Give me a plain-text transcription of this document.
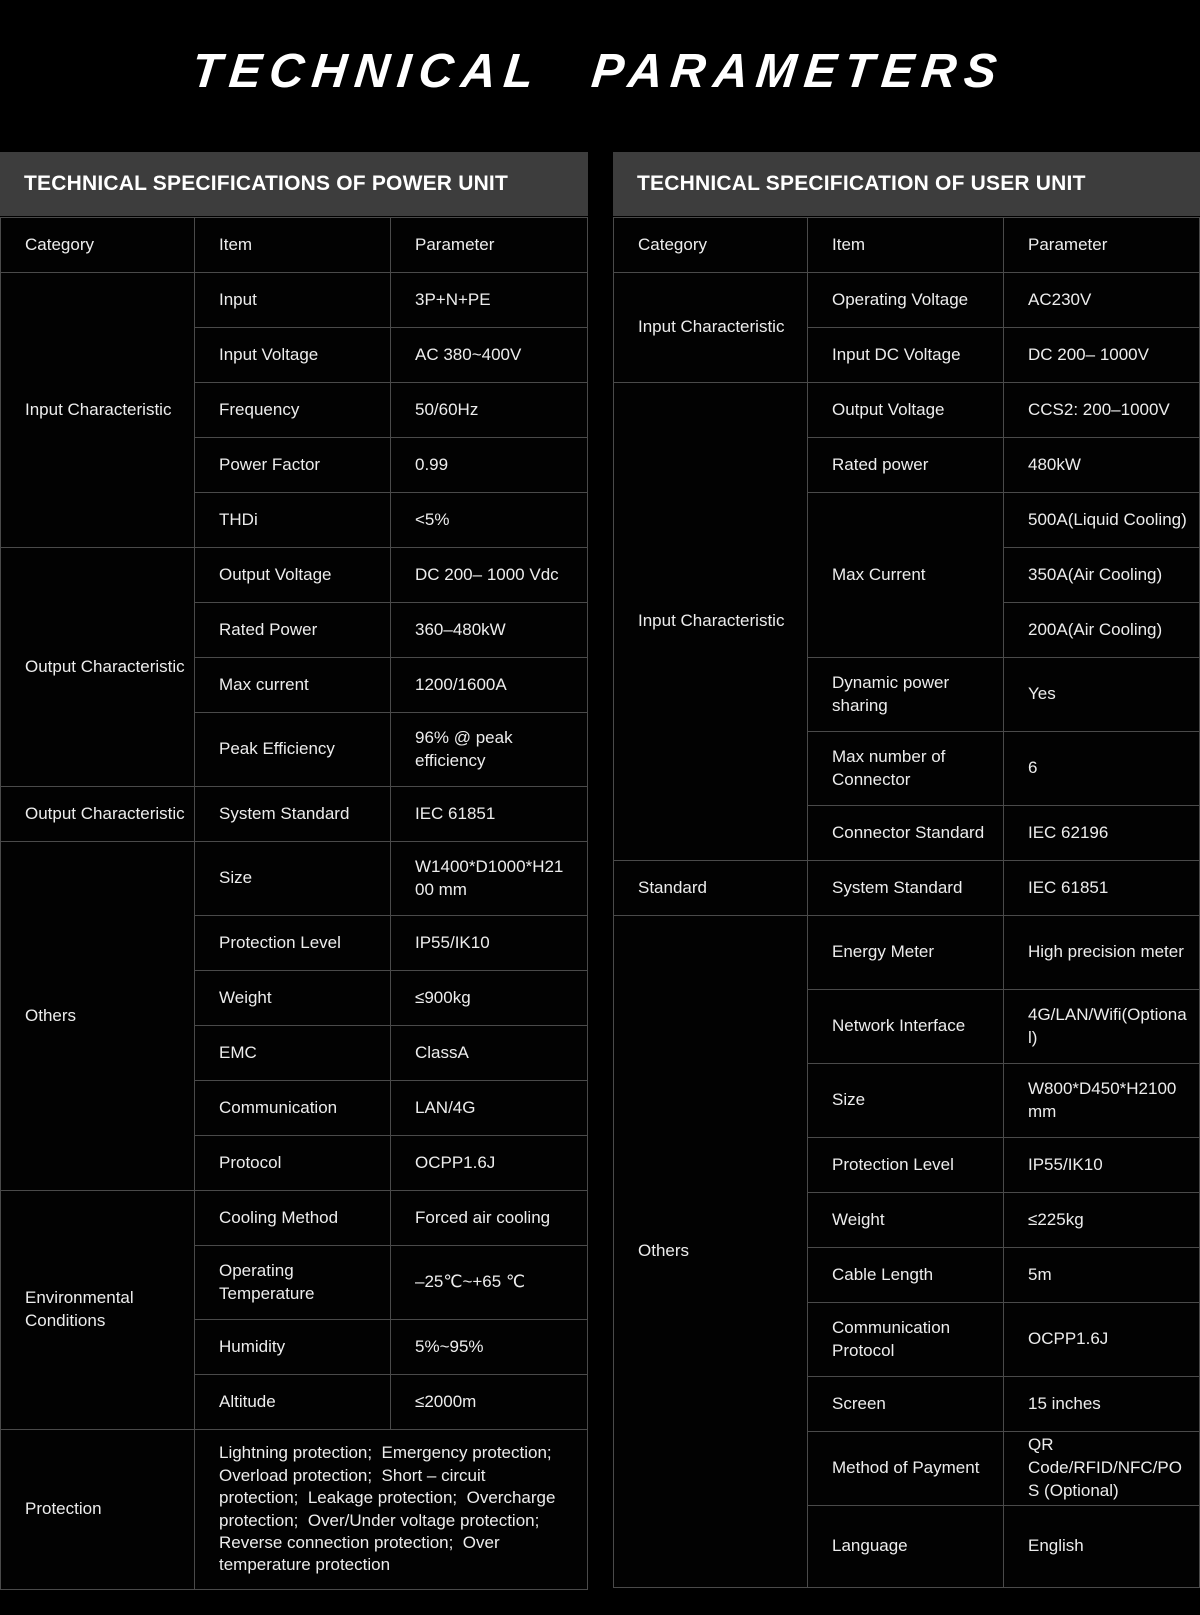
TECHNICAL PARAMETERS
TECHNICAL SPECIFICATIONS OF POWER UNIT
Category	Item	Parameter
Input Characteristic	Input	3P+N+PE
	Input Voltage	AC 380~400V
	Frequency	50/60Hz
	Power Factor	0.99
	THDi	<5%
Output Characteristic	Output Voltage	DC 200– 1000 Vdc
	Rated Power	360–480kW
	Max current	1200/1600A
	Peak Efficiency	96% @ peak efficiency
Output Characteristic	System Standard	IEC 61851
Others	Size	W1400*D1000*H2100 mm
	Protection Level	IP55/IK10
	Weight	≤900kg
	EMC	ClassA
	Communication	LAN/4G
	Protocol	OCPP1.6J
Environmental Conditions	Cooling Method	Forced air cooling
	Operating Temperature	–25℃~+65 ℃
	Humidity	5%~95%
	Altitude	≤2000m
Protection	Lightning protection;  Emergency protection;  Overload protection;  Short – circuit protection;  Leakage protection;  Overcharge protection;  Over/Under voltage protection;  Reverse connection protection;  Over temperature protection	
TECHNICAL SPECIFICATION OF USER UNIT
Category	Item	Parameter
Input Characteristic	Operating Voltage	AC230V
	Input DC Voltage	DC 200– 1000V
Input Characteristic	Output Voltage	CCS2: 200–1000V
	Rated power	480kW
	Max Current	500A(Liquid Cooling)
		350A(Air Cooling)
		200A(Air Cooling)
	Dynamic power sharing	Yes
	Max number of Connector	6
	Connector Standard	IEC 62196
Standard	System Standard	IEC 61851
Others	Energy Meter	High precision meter
	Network Interface	4G/LAN/Wifi(Optional)
	Size	W800*D450*H2100 mm
	Protection Level	IP55/IK10
	Weight	≤225kg
	Cable Length	5m
	Communication Protocol	OCPP1.6J
	Screen	15 inches
	Method of Payment	QR Code/RFID/NFC/POS (Optional)
	Language	English
